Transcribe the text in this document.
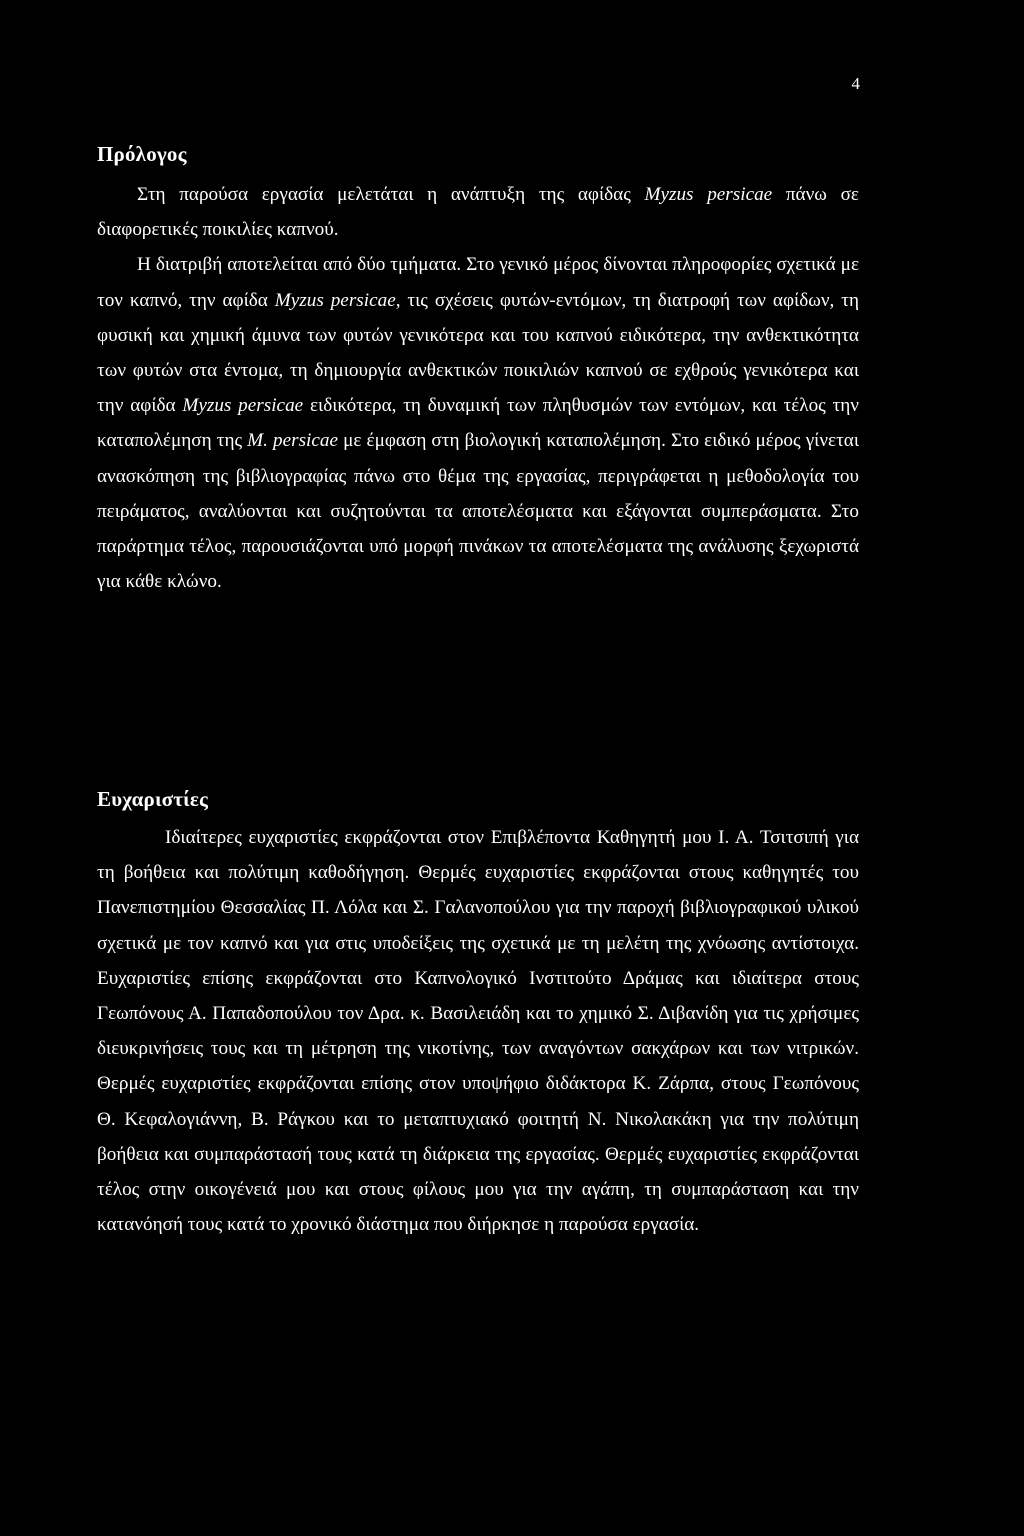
4
Πρόλογος

Στη παρούσα εργασία μελετάται η ανάπτυξη της αφίδας Myzus persicae πάνω σε διαφορετικές ποικιλίες καπνού.

Η διατριβή αποτελείται από δύο τμήματα. Στο γενικό μέρος δίνονται πληροφορίες σχετικά με τον καπνό, την αφίδα Myzus persicae, τις σχέσεις φυτών-εντόμων, τη διατροφή των αφίδων, τη φυσική και χημική άμυνα των φυτών γενικότερα και του καπνού ειδικότερα, την ανθεκτικότητα των φυτών στα έντομα, τη δημιουργία ανθεκτικών ποικιλιών καπνού σε εχθρούς γενικότερα και την αφίδα Myzus persicae ειδικότερα, τη δυναμική των πληθυσμών των εντόμων, και τέλος την καταπολέμηση της M. persicae με έμφαση στη βιολογική καταπολέμηση. Στο ειδικό μέρος γίνεται ανασκόπηση της βιβλιογραφίας πάνω στο θέμα της εργασίας, περιγράφεται η μεθοδολογία του πειράματος, αναλύονται και συζητούνται τα αποτελέσματα και εξάγονται συμπεράσματα. Στο παράρτημα τέλος, παρουσιάζονται υπό μορφή πινάκων τα αποτελέσματα της ανάλυσης ξεχωριστά για κάθε κλώνο.

Ευχαριστίες

Ιδιαίτερες ευχαριστίες εκφράζονται στον Επιβλέποντα Καθηγητή μου Ι. Α. Τσιτσιπή για τη βοήθεια και πολύτιμη καθοδήγηση. Θερμές ευχαριστίες εκφράζονται στους καθηγητές του Πανεπιστημίου Θεσσαλίας Π. Λόλα και Σ. Γαλανοπούλου για την παροχή βιβλιογραφικού υλικού σχετικά με τον καπνό και για στις υποδείξεις της σχετικά με τη μελέτη της χνόωσης αντίστοιχα. Ευχαριστίες επίσης εκφράζονται στο Καπνολογικό Ινστιτούτο Δράμας και ιδιαίτερα στους Γεωπόνους Α. Παπαδοπούλου τον Δρα. κ. Βασιλειάδη και το χημικό Σ. Διβανίδη για τις χρήσιμες διευκρινήσεις τους και τη μέτρηση της νικοτίνης, των αναγόντων σακχάρων και των νιτρικών. Θερμές ευχαριστίες εκφράζονται επίσης στον υποψήφιο διδάκτορα Κ. Ζάρπα, στους Γεωπόνους Θ. Κεφαλογιάννη, Β. Ράγκου και το μεταπτυχιακό φοιτητή Ν. Νικολακάκη για την πολύτιμη βοήθεια και συμπαράστασή τους κατά τη διάρκεια της εργασίας. Θερμές ευχαριστίες εκφράζονται τέλος στην οικογένειά μου και στους φίλους μου για την αγάπη, τη συμπαράσταση και την κατανόησή τους κατά το χρονικό διάστημα που διήρκησε η παρούσα εργασία.
